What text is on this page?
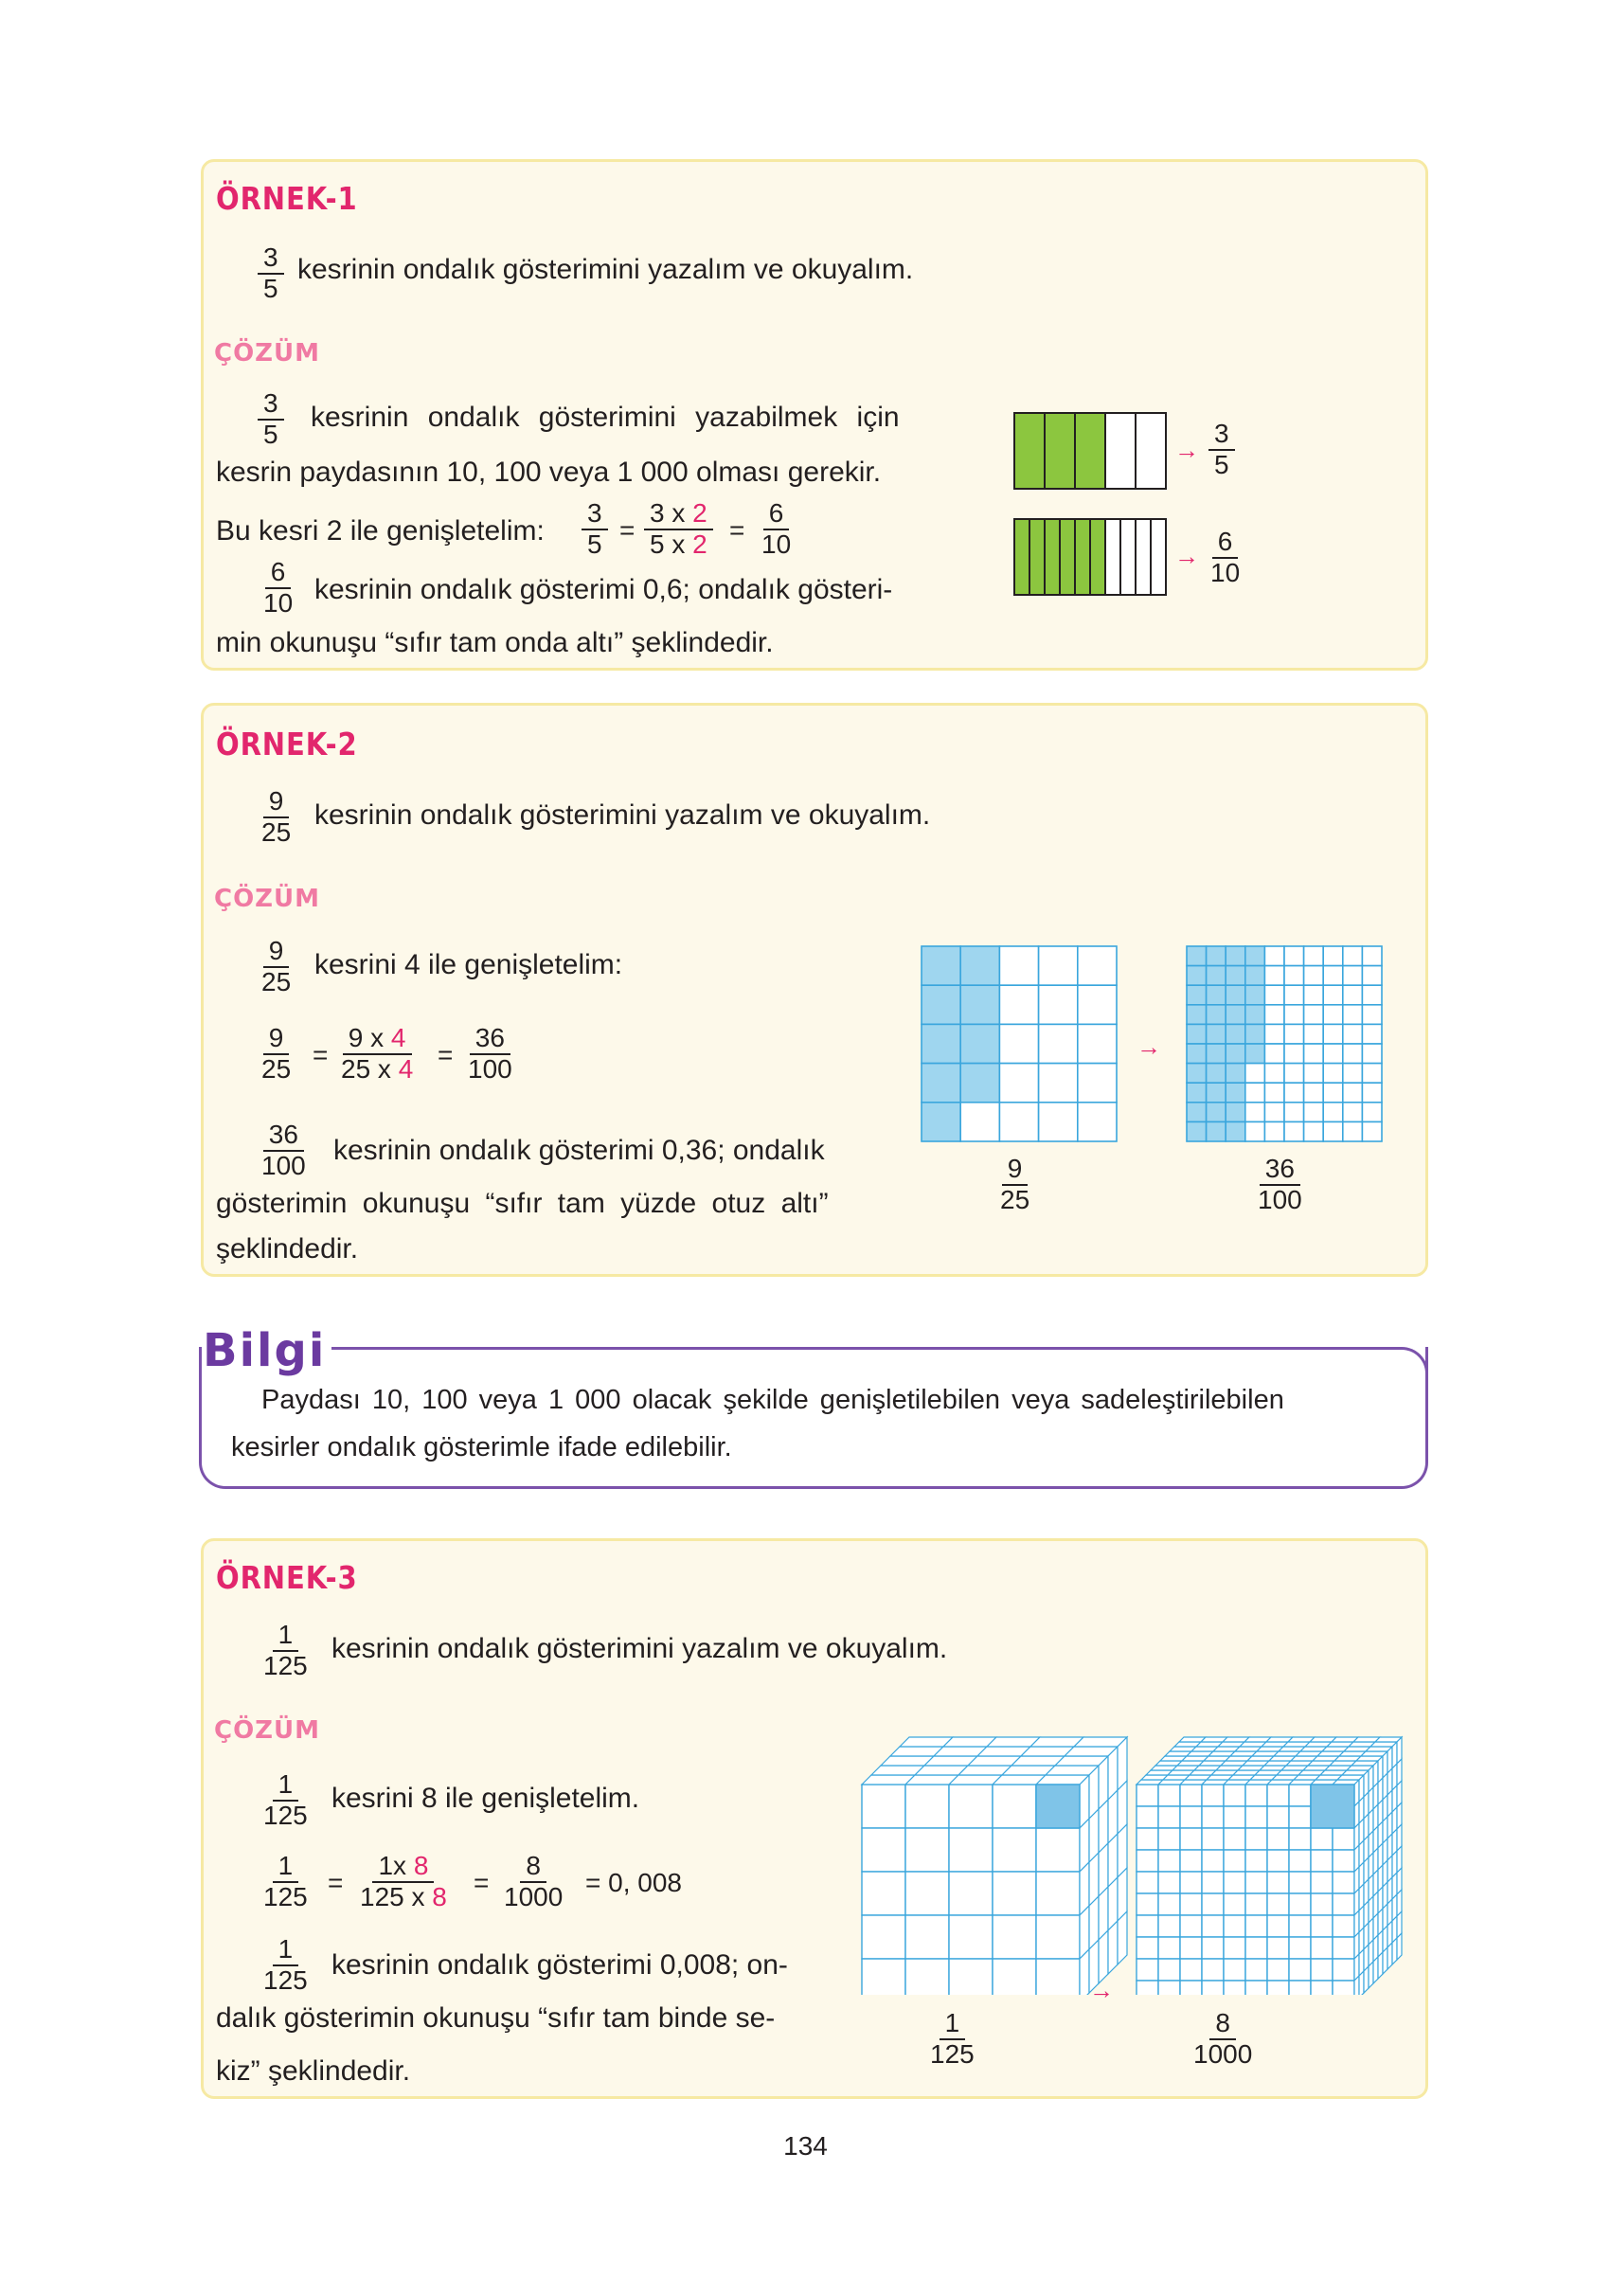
ÖRNEK-1
$\frac{3}{5}$ kesrinin ondalık gösterimini yazalım ve okuyalım.
ÇÖZÜM
$\frac{3}{5}$ kesrinin ondalık gösterimini yazabilmek için
kesrin paydasının 10, 100 veya 1 000 olması gerekir.
Bu kesri 2 ile genişletelim: $\frac{3}{5} = \frac{3 x 2}{5 x 2} = \frac{6}{10}$
$\frac{6}{10}$ kesrinin ondalık gösterimi 0,6; ondalık gösteri-
min okunuşu “sıfır tam onda altı” şeklindedir.
→ $\frac{3}{5}$
→ $\frac{6}{10}$
ÖRNEK-2
$\frac{9}{25}$ kesrinin ondalık gösterimini yazalım ve okuyalım.
ÇÖZÜM
$\frac{9}{25}$ kesrini 4 ile genişletelim:
$\frac{9}{25} = \frac{9 x 4}{25 x 4} = \frac{36}{100}$
$\frac{36}{100}$ kesrinin ondalık gösterimi 0,36; ondalık
gösterimin okunuşu “sıfır tam yüzde otuz altı”
şeklindedir.
→
$\frac{9}{25}$	$\frac{36}{100}$
Bilgi
Paydası 10, 100 veya 1 000 olacak şekilde genişletilebilen veya sadeleştirilebilen
kesirler ondalık gösterimle ifade edilebilir.
ÖRNEK-3
$\frac{1}{125}$ kesrinin ondalık gösterimini yazalım ve okuyalım.
ÇÖZÜM
$\frac{1}{125}$ kesrini 8 ile genişletelim.
$\frac{1}{125} = \frac{1x 8}{125 x 8} = \frac{8}{1000} = 0$, 008
$\frac{1}{125}$ kesrinin ondalık gösterimi 0,008; on-
dalık gösterimin okunuşu “sıfır tam binde se-
kiz” şeklindedir.
→
$\frac{1}{125}$	$\frac{8}{1000}$
134
